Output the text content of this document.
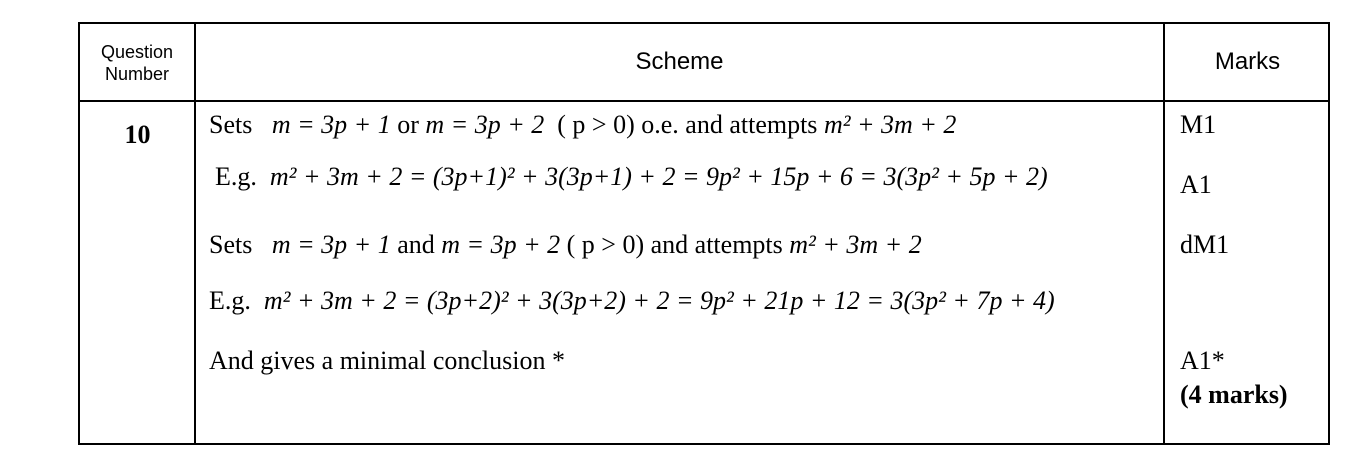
Question Number	Scheme	Marks
10	Sets m = 3p + 1 or m = 3p + 2 ( p > 0) o.e. and attempts m² + 3m + 2	M1
E.g. m² + 3m + 2 = (3p+1)² + 3(3p+1) + 2 = 9p² + 15p + 6 = 3(3p² + 5p + 2)	A1
Sets m = 3p + 1 and m = 3p + 2 ( p > 0) and attempts m² + 3m + 2	dM1
E.g. m² + 3m + 2 = (3p+2)² + 3(3p+2) + 2 = 9p² + 21p + 12 = 3(3p² + 7p + 4)
And gives a minimal conclusion *	A1*
(4 marks)
